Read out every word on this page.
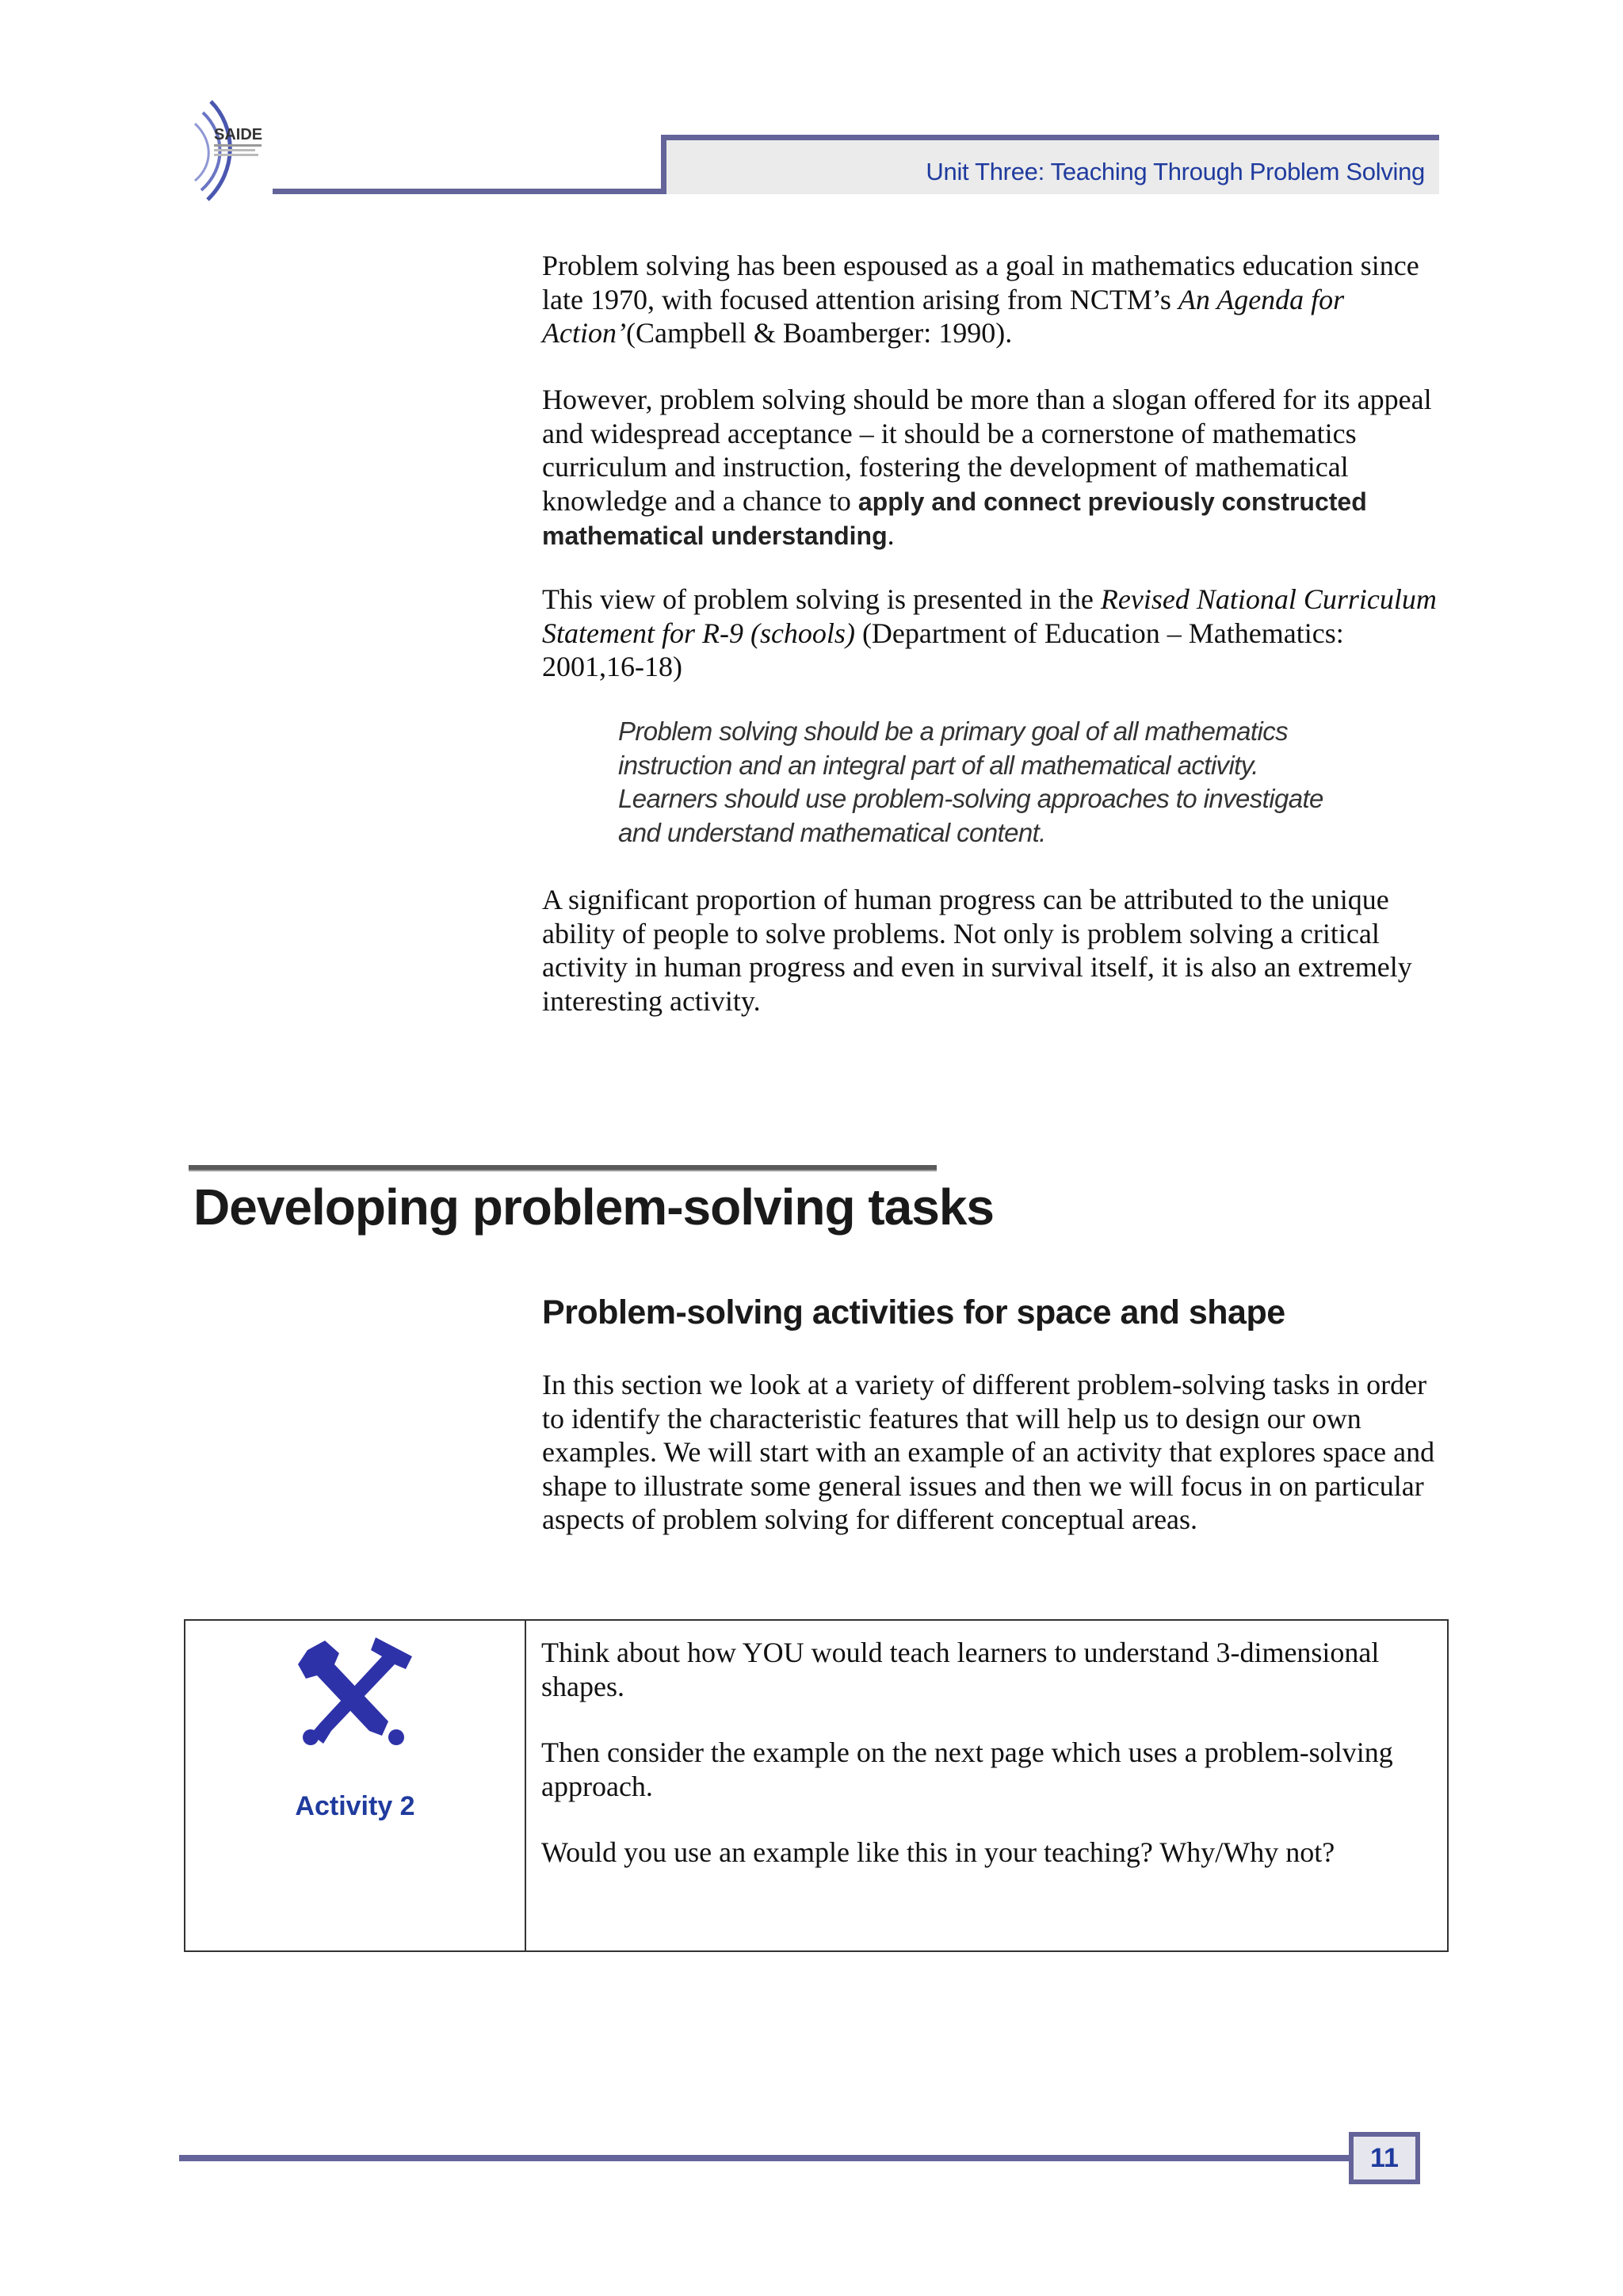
SAIDE
Unit Three: Teaching Through Problem Solving

Problem solving has been espoused as a goal in mathematics education since late 1970, with focused attention arising from NCTM’s An Agenda for Action’(Campbell & Boamberger: 1990).

However, problem solving should be more than a slogan offered for its appeal and widespread acceptance – it should be a cornerstone of mathematics curriculum and instruction, fostering the development of mathematical knowledge and a chance to apply and connect previously constructed mathematical understanding.

This view of problem solving is presented in the Revised National Curriculum Statement for R-9 (schools) (Department of Education – Mathematics: 2001,16-18)

Problem solving should be a primary goal of all mathematics
instruction and an integral part of all mathematical activity.
Learners should use problem-solving approaches to investigate
and understand mathematical content.

A significant proportion of human progress can be attributed to the unique ability of people to solve problems. Not only is problem solving a critical activity in human progress and even in survival itself, it is also an extremely interesting activity.

Developing problem-solving tasks
Problem-solving activities for space and shape

In this section we look at a variety of different problem-solving tasks in order to identify the characteristic features that will help us to design our own examples. We will start with an example of an activity that explores space and shape to illustrate some general issues and then we will focus in on particular aspects of problem solving for different conceptual areas.

Activity 2

Think about how YOU would teach learners to understand 3-dimensional shapes.

Then consider the example on the next page which uses a problem-solving approach.

Would you use an example like this in your teaching? Why/Why not?

11
